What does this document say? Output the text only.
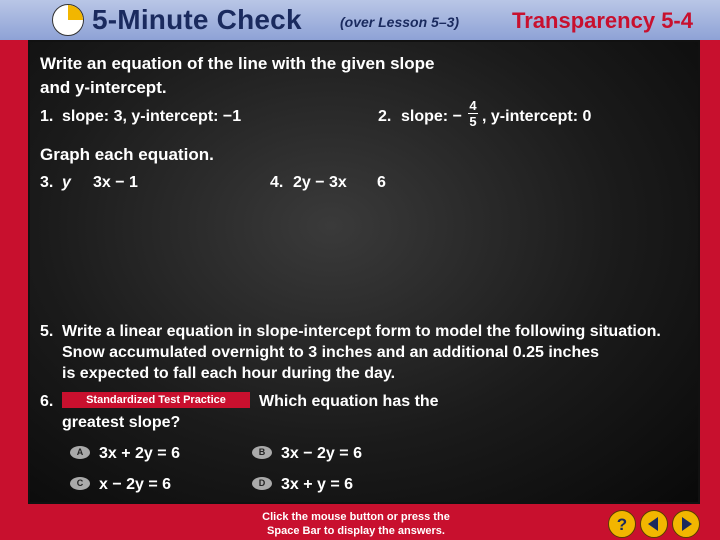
5-Minute Check	(over Lesson 5–3) Transparency 5-4
Write an equation of the line with the given slope
and y-intercept.
1. slope: 3, y-intercept: −1	2. slope: −
4
5 , y-intercept: 0
Graph each equation.
3. y 3x − 1	4. 2y − 3x 6
5. Write a linear equation in slope-intercept form to model the following situation.
Snow accumulated overnight to 3 inches and an additional 0.25 inches
is expected to fall each hour during the day.
6.	Standardized Test Practice	Which equation has the
greatest slope?
A 3x + 2y = 6	B 3x − 2y = 6
C x − 2y = 6	D 3x + y = 6
Click the mouse button or press the
Space Bar to display the answers.	?
